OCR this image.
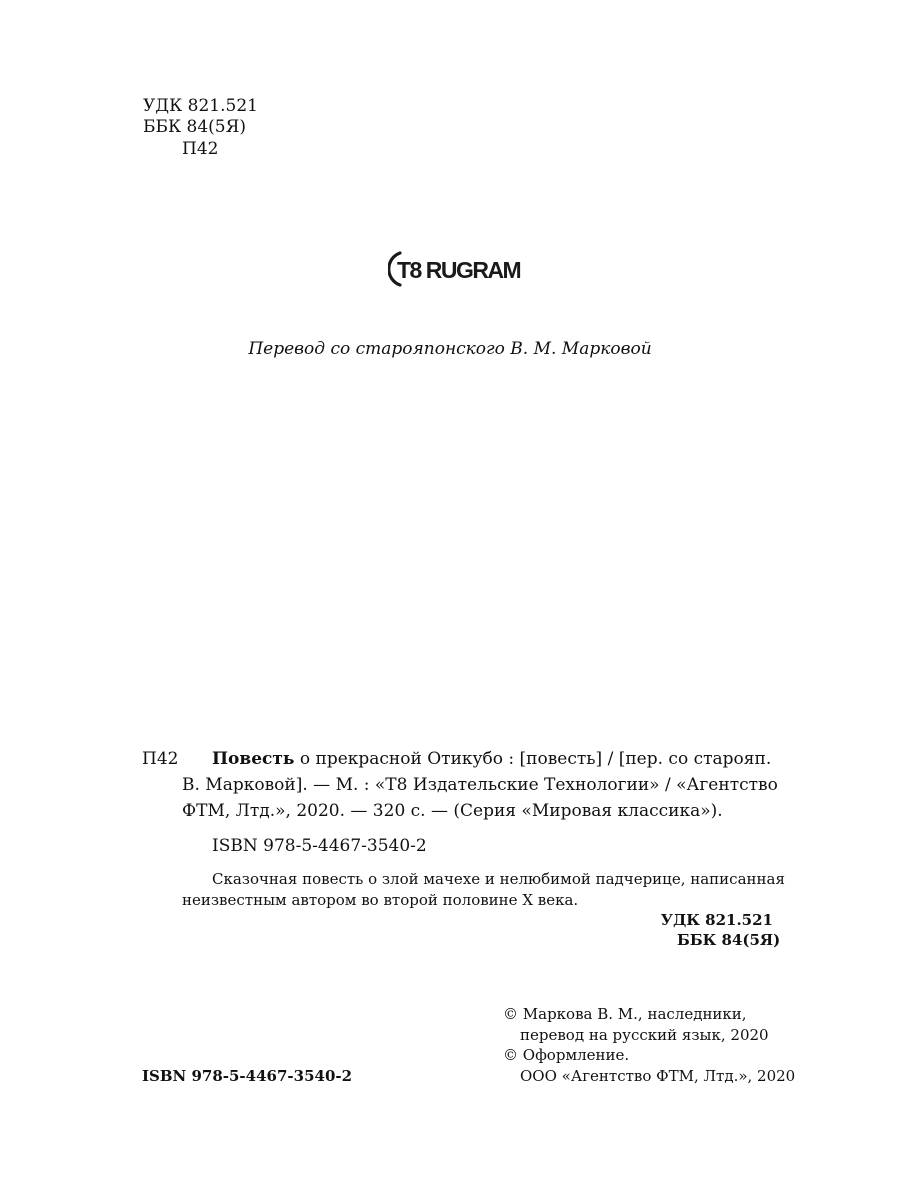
УДК 821.521
ББК 84(5Я)
П42
T8 RUGRAM
Перевод со староя​понского В. М. Марковой
П42 Повесть о прекрасной Отикубо : [повесть] / [пер. со старояп.
В. Марковой]. — М. : «Т8 Издательские Технологии» / «Агентство
ФТМ, Лтд.», 2020. — 320 с. — (Серия «Мировая классика»).
ISBN 978-5-4467-3540-2
Сказочная повесть о злой мачехе и нелюбимой падчерице, написанная
неизвестным автором во второй половине X века.
УДК 821.521
ББК 84(5Я)
© Маркова В. М., наследники,
перевод на русский язык, 2020
© Оформление.
ООО «Агентство ФТМ, Лтд.», 2020
ISBN 978-5-4467-3540-2
